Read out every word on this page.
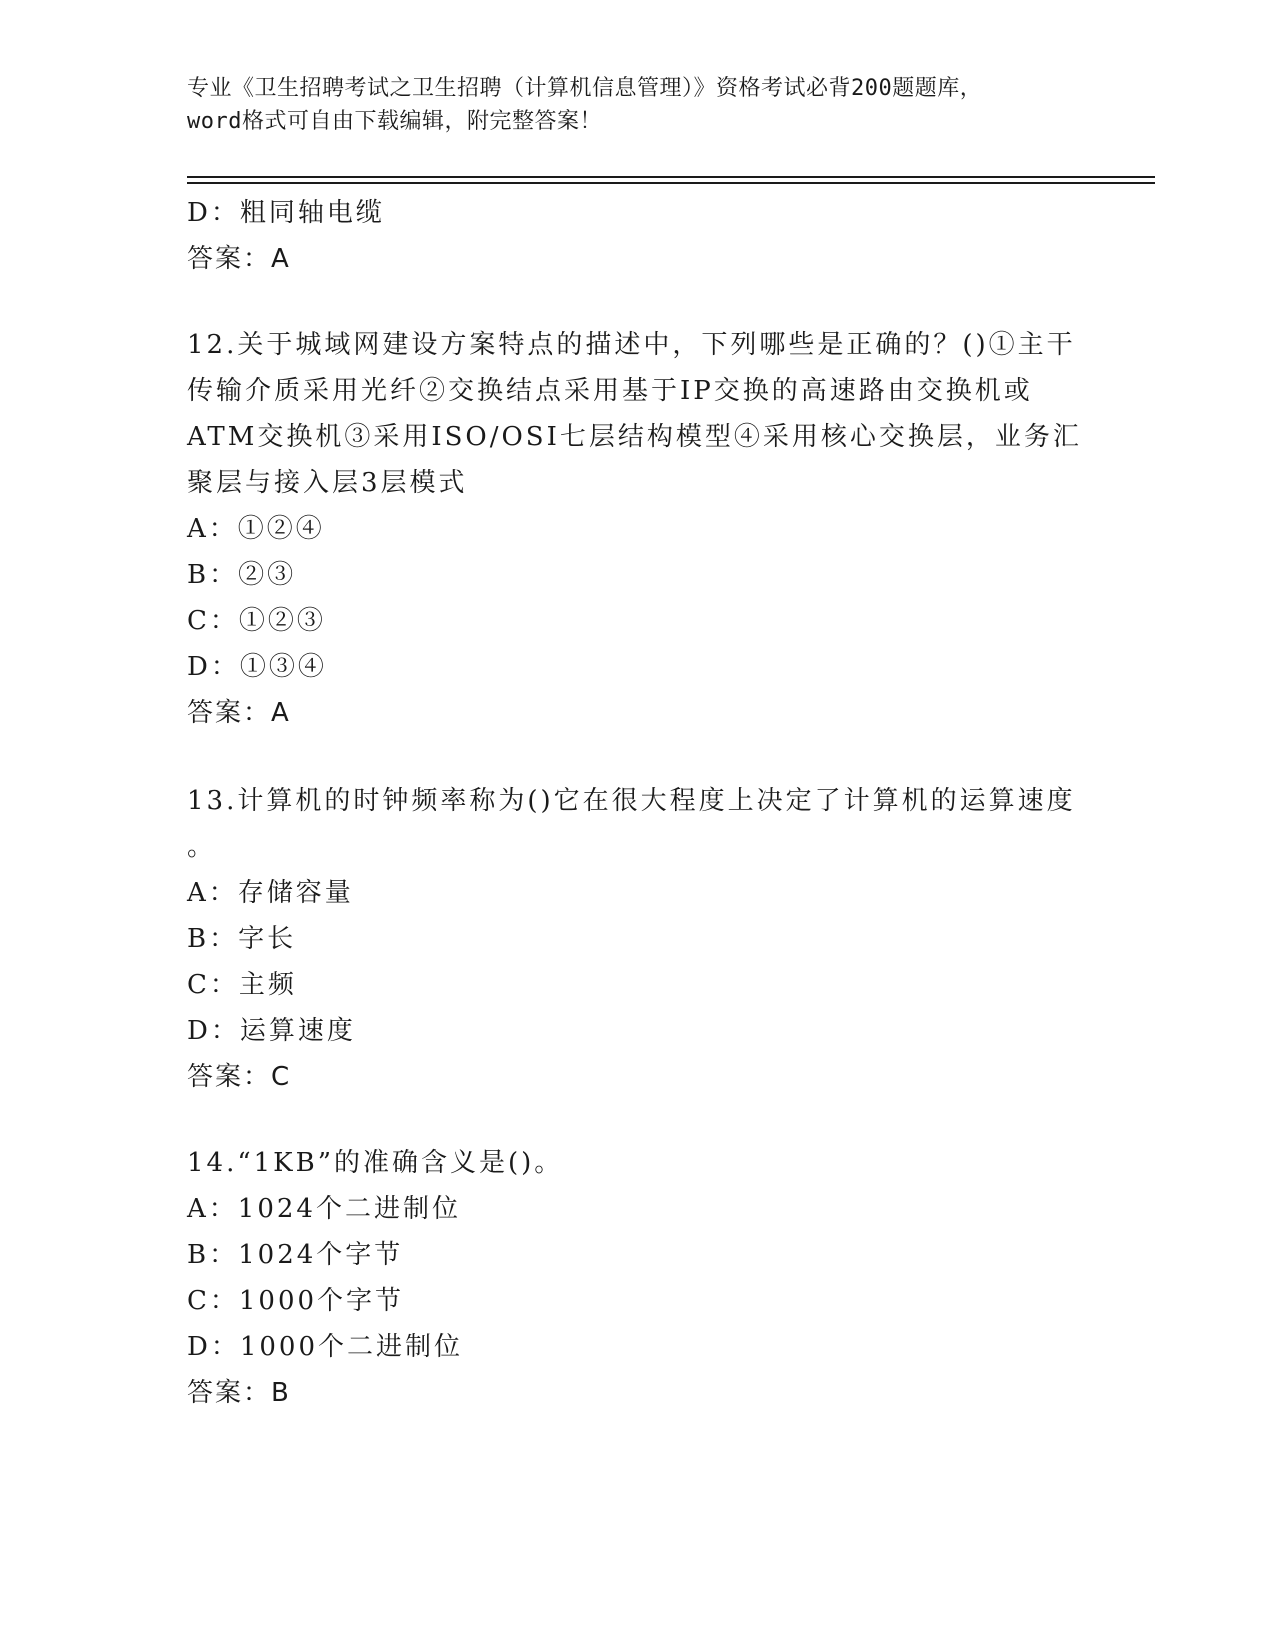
专业《卫生招聘考试之卫生招聘（计算机信息管理）》资格考试必背200题题库，
word格式可自由下载编辑，附完整答案！
D：粗同轴电缆
答案：A
12.关于城域网建设方案特点的描述中，下列哪些是正确的？()①主干
传输介质采用光纤②交换结点采用基于IP交换的高速路由交换机或
ATM交换机③采用ISO/OSI七层结构模型④采用核心交换层，业务汇
聚层与接入层3层模式
A：①②④
B：②③
C：①②③
D：①③④
答案：A
13.计算机的时钟频率称为()它在很大程度上决定了计算机的运算速度
。
A：存储容量
B：字长
C：主频
D：运算速度
答案：C
14.“1KB”的准确含义是()。
A：1024个二进制位
B：1024个字节
C：1000个字节
D：1000个二进制位
答案：B
